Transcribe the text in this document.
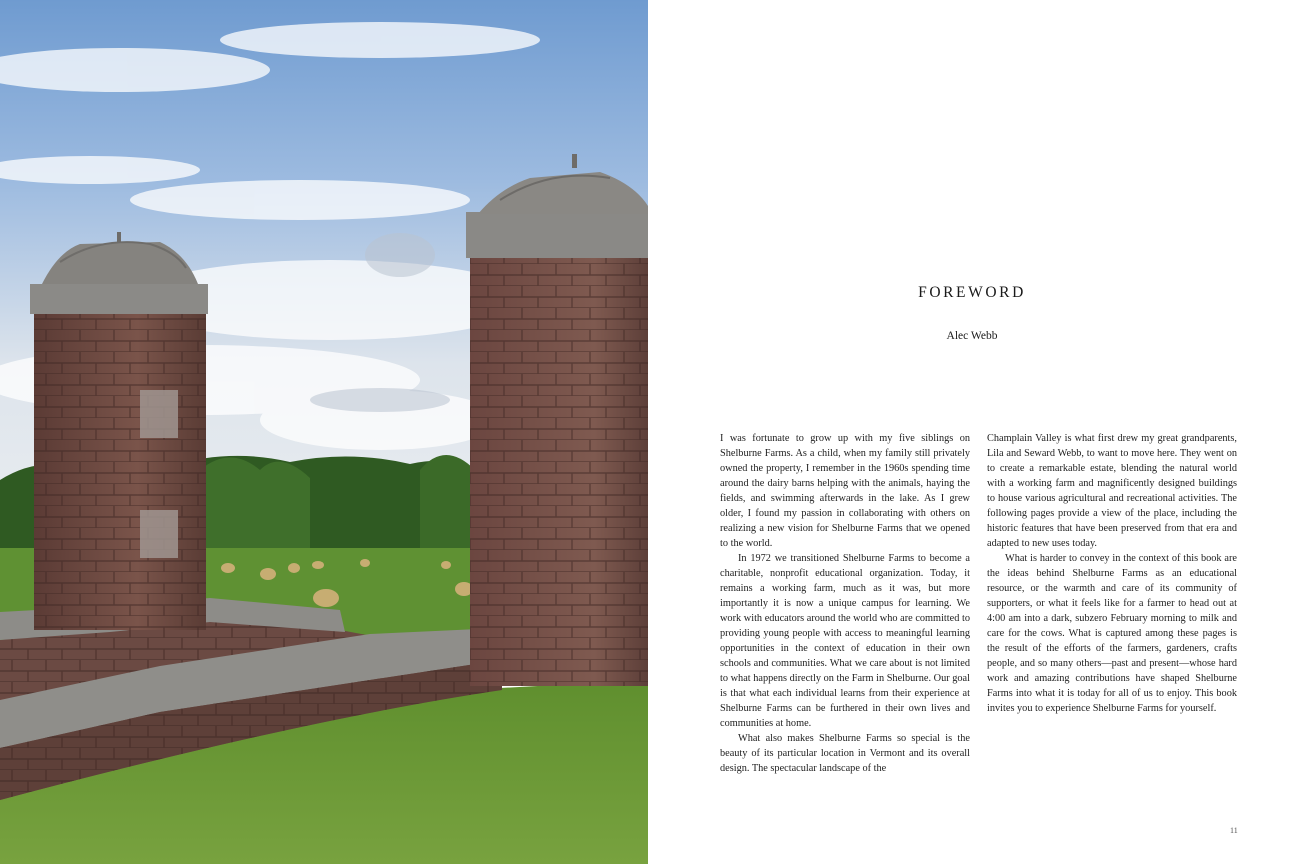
FOREWORD
Alec Webb

I was fortunate to grow up with my five siblings on Shelburne Farms. As a child, when my family still privately owned the property, I remember in the 1960s spending time around the dairy barns helping with the animals, haying the fields, and swimming afterwards in the lake. As I grew older, I found my passion in collaborating with others on realizing a new vision for Shelburne Farms that we opened to the world.

In 1972 we transitioned Shelburne Farms to become a charitable, nonprofit educational organization. Today, it remains a working farm, much as it was, but more importantly it is now a unique campus for learning. We work with educators around the world who are committed to providing young people with access to meaningful learning opportunities in the context of education in their own schools and communities. What we care about is not limited to what happens directly on the Farm in Shelburne. Our goal is that what each individual learns from their experience at Shelburne Farms can be furthered in their own lives and communities at home.

What also makes Shelburne Farms so special is the beauty of its particular location in Vermont and its overall design. The spectacular landscape of the

Champlain Valley is what first drew my great grandparents, Lila and Seward Webb, to want to move here. They went on to create a remarkable estate, blending the natural world with a working farm and magnificently designed buildings to house various agricultural and recreational activities. The following pages provide a view of the place, including the historic features that have been preserved from that era and adapted to new uses today.

What is harder to convey in the context of this book are the ideas behind Shelburne Farms as an educational resource, or the warmth and care of its community of supporters, or what it feels like for a farmer to head out at 4:00 am into a dark, subzero February morning to milk and care for the cows. What is captured among these pages is the result of the efforts of the farmers, gardeners, crafts people, and so many others—past and present—whose hard work and amazing contributions have shaped Shelburne Farms into what it is today for all of us to enjoy. This book invites you to experience Shelburne Farms for yourself.

11
